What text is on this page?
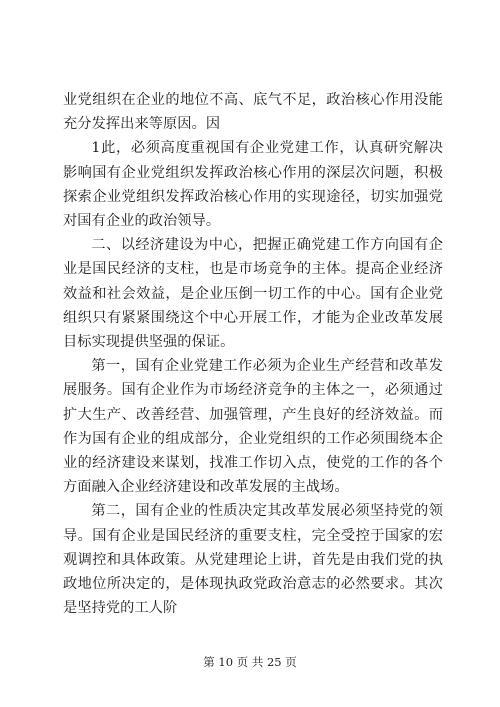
业党组织在企业的地位不高、底气不足，政治核心作用没能充分发挥出来等原因。因

1此，必须高度重视国有企业党建工作，认真研究解决影响国有企业党组织发挥政治核心作用的深层次问题，积极探索企业党组织发挥政治核心作用的实现途径，切实加强党对国有企业的政治领导。

二、以经济建设为中心，把握正确党建工作方向国有企业是国民经济的支柱，也是市场竞争的主体。提高企业经济效益和社会效益，是企业压倒一切工作的中心。国有企业党组织只有紧紧围绕这个中心开展工作，才能为企业改革发展目标实现提供坚强的保证。

第一，国有企业党建工作必须为企业生产经营和改革发展服务。国有企业作为市场经济竞争的主体之一，必须通过扩大生产、改善经营、加强管理，产生良好的经济效益。而作为国有企业的组成部分，企业党组织的工作必须围绕本企业的经济建设来谋划，找准工作切入点，使党的工作的各个方面融入企业经济建设和改革发展的主战场。

第二，国有企业的性质决定其改革发展必须坚持党的领导。国有企业是国民经济的重要支柱，完全受控于国家的宏观调控和具体政策。从党建理论上讲，首先是由我们党的执政地位所决定的，是体现执政党政治意志的必然要求。其次是坚持党的工人阶

第 10 页 共 25 页
